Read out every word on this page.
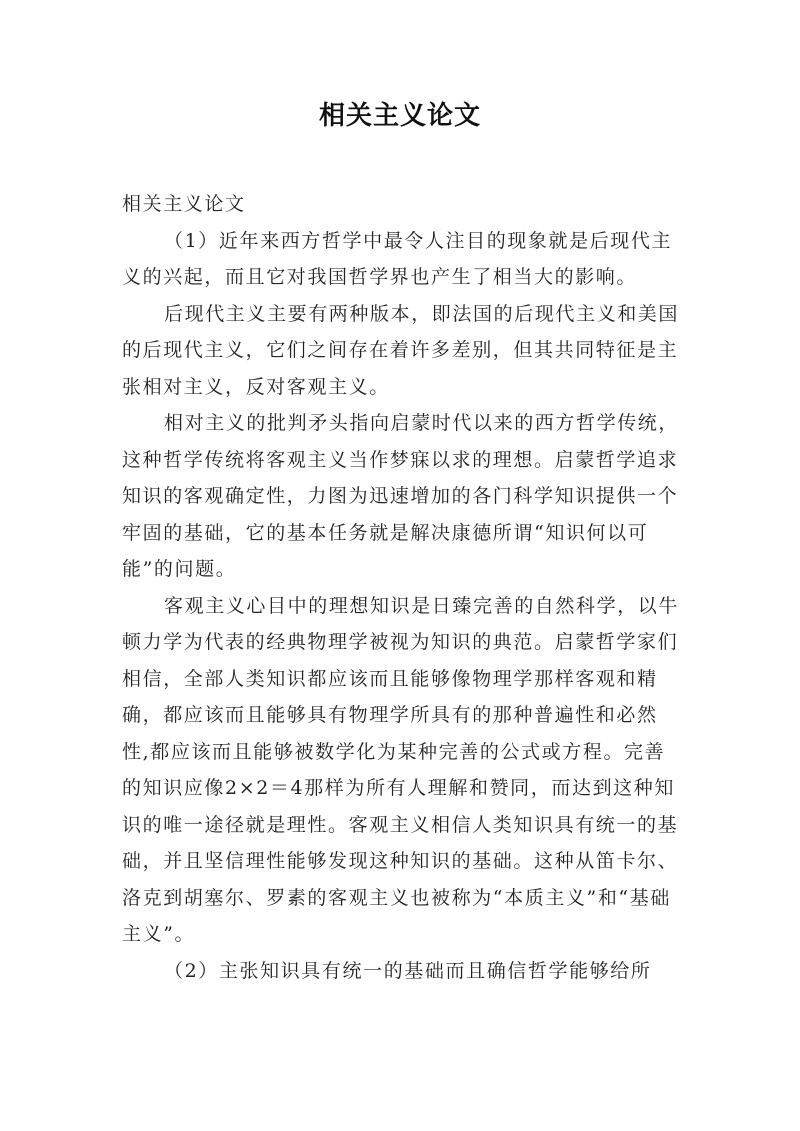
相关主义论文

相关主义论文

（1）近年来西方哲学中最令人注目的现象就是后现代主义的兴起，而且它对我国哲学界也产生了相当大的影响。

后现代主义主要有两种版本，即法国的后现代主义和美国的后现代主义，它们之间存在着许多差别，但其共同特征是主张相对主义，反对客观主义。

相对主义的批判矛头指向启蒙时代以来的西方哲学传统，这种哲学传统将客观主义当作梦寐以求的理想。启蒙哲学追求知识的客观确定性，力图为迅速增加的各门科学知识提供一个牢固的基础，它的基本任务就是解决康德所谓“知识何以可能”的问题。

客观主义心目中的理想知识是日臻完善的自然科学，以牛顿力学为代表的经典物理学被视为知识的典范。启蒙哲学家们相信，全部人类知识都应该而且能够像物理学那样客观和精确，都应该而且能够具有物理学所具有的那种普遍性和必然性,都应该而且能够被数学化为某种完善的公式或方程。完善的知识应像2×2＝4那样为所有人理解和赞同，而达到这种知识的唯一途径就是理性。客观主义相信人类知识具有统一的基础，并且坚信理性能够发现这种知识的基础。这种从笛卡尔、洛克到胡塞尔、罗素的客观主义也被称为“本质主义”和“基础主义”。

（2）主张知识具有统一的基础而且确信哲学能够给所
